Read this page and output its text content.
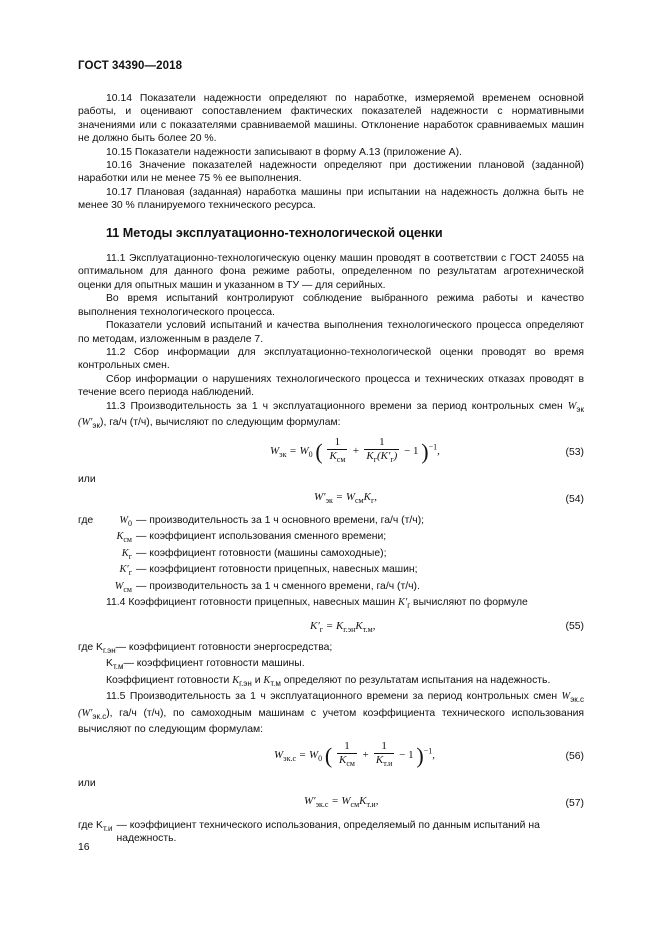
ГОСТ 34390—2018

10.14 Показатели надежности определяют по наработке, измеряемой временем основной работы, и оценивают сопоставлением фактических показателей надежности с нормативными значениями или с показателями сравниваемой машины. Отклонение наработок сравниваемых машин не должно быть более 20 %.

10.15 Показатели надежности записывают в форму А.13 (приложение А).

10.16 Значение показателей надежности определяют при достижении плановой (заданной) наработки или не менее 75 % ее выполнения.

10.17 Плановая (заданная) наработка машины при испытании на надежность должна быть не менее 30 % планируемого технического ресурса.

11 Методы эксплуатационно-технологической оценки

11.1 Эксплуатационно-технологическую оценку машин проводят в соответствии с ГОСТ 24055 на оптимальном для данного фона режиме работы, определенном по результатам агротехнической оценки для опытных машин и указанном в ТУ — для серийных.

Во время испытаний контролируют соблюдение выбранного режима работы и качество выполнения технологического процесса.

Показатели условий испытаний и качества выполнения технологического процесса определяют по методам, изложенным в разделе 7.

11.2 Сбор информации для эксплуатационно-технологической оценки проводят во время контрольных смен.

Сбор информации о нарушениях технологического процесса и технических отказах проводят в течение всего периода наблюдений.

11.3 Производительность за 1 ч эксплуатационного времени за период контрольных смен $W_{эк}$ $(W'_{эк})$, га/ч (т/ч), вычисляют по следующим формулам:

$W_{эк} = W_0$ ( $\frac{1}{K_{см}} + \frac{1}{K_г(K'_г)} - 1$ )$^{-1}$,	(53)

или

$W'_{эк} = W_{см}K_г$,	(54)
где	$W_0$ — производительность за 1 ч основного времени, га/ч (т/ч);
$K_{см}$ — коэффициент использования сменного времени;
$K_г$ — коэффициент готовности (машины самоходные);
$K'_г$ — коэффициент готовности прицепных, навесных машин;
$W_{см}$ — производительность за 1 ч сменного времени, га/ч (т/ч).

11.4 Коэффициент готовности прицепных, навесных машин $K'_г$ вычисляют по формуле

$K'_г = K_{г.эн}K_{т.м}$,	(55)
где $K_{г.эн}$ — коэффициент готовности энергосредства;
$K_{т.м}$ — коэффициент готовности машины.

Коэффициент готовности $K_{г.эн}$ и $K_{т.м}$ определяют по результатам испытания на надежность.

11.5 Производительность за 1 ч эксплуатационного времени за период контрольных смен $W_{эк.с}$ $(W'_{эк.с})$, га/ч (т/ч), по самоходным машинам с учетом коэффициента технического использования вычисляют по следующим формулам:

$W_{эк.с} = W_0$ ( $\frac{1}{K_{см}} + \frac{1}{K_{т.и}} - 1$ )$^{-1}$,	(56)

или

$W'_{эк.с} = W_{см}K_{т.и}$,	(57)
где $K_{т.и}$ — коэффициент технического использования, определяемый по данным испытаний на надежность.
16
